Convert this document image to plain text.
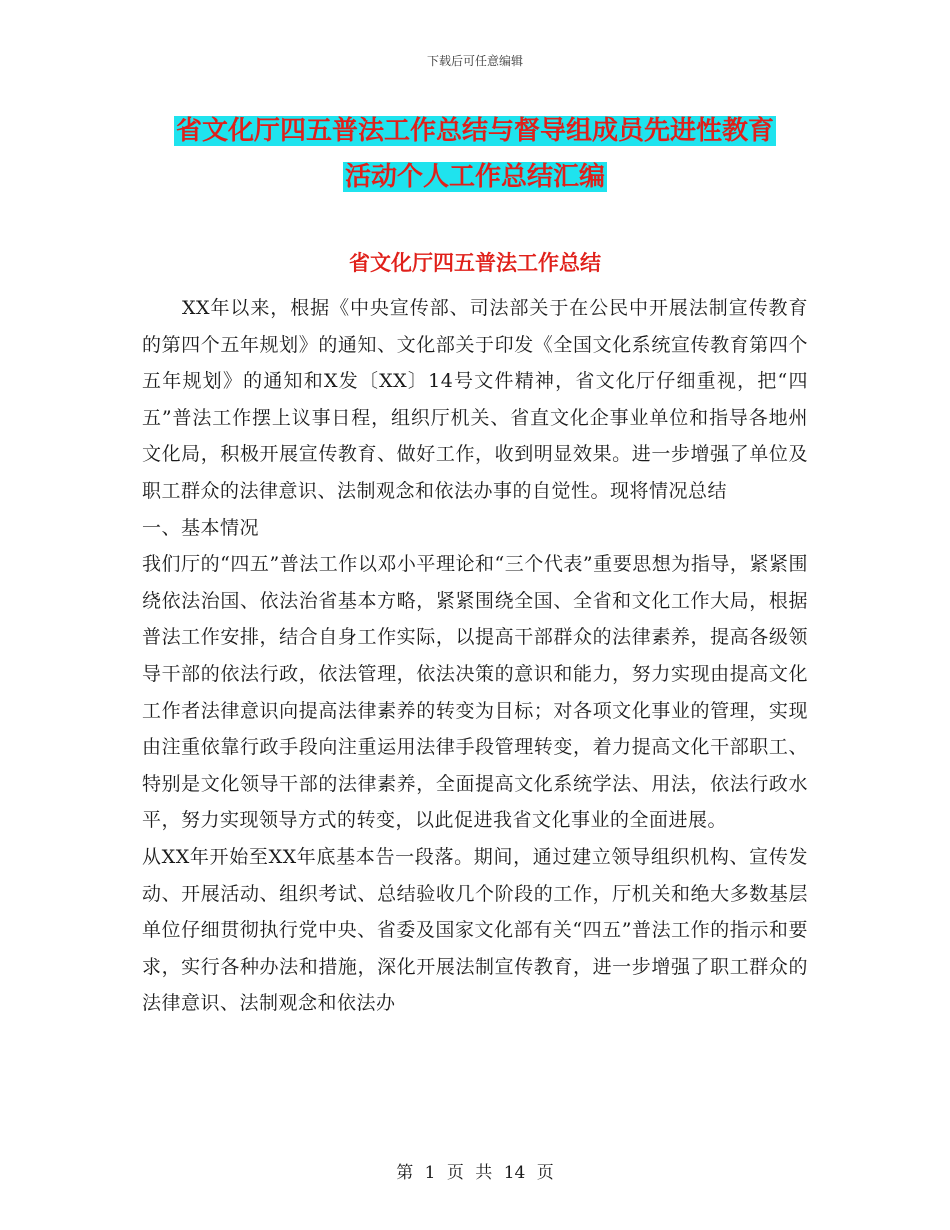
下载后可任意编辑
省文化厅四五普法工作总结与督导组成员先进性教育
活动个人工作总结汇编
省文化厅四五普法工作总结

XX年以来，根据《中央宣传部、司法部关于在公民中开展法制宣传教育的第四个五年规划》的通知、文化部关于印发《全国文化系统宣传教育第四个五年规划》的通知和X发〔XX〕14号文件精神，省文化厅仔细重视，把“四五”普法工作摆上议事日程，组织厅机关、省直文化企事业单位和指导各地州文化局，积极开展宣传教育、做好工作，收到明显效果。进一步增强了单位及职工群众的法律意识、法制观念和依法办事的自觉性。现将情况总结

一、基本情况

我们厅的“四五”普法工作以邓小平理论和“三个代表”重要思想为指导，紧紧围绕依法治国、依法治省基本方略，紧紧围绕全国、全省和文化工作大局，根据普法工作安排，结合自身工作实际，以提高干部群众的法律素养，提高各级领导干部的依法行政，依法管理，依法决策的意识和能力，努力实现由提高文化工作者法律意识向提高法律素养的转变为目标；对各项文化事业的管理，实现由注重依靠行政手段向注重运用法律手段管理转变，着力提高文化干部职工、特别是文化领导干部的法律素养，全面提高文化系统学法、用法，依法行政水平，努力实现领导方式的转变，以此促进我省文化事业的全面进展。

从XX年开始至XX年底基本告一段落。期间，通过建立领导组织机构、宣传发动、开展活动、组织考试、总结验收几个阶段的工作，厅机关和绝大多数基层单位仔细贯彻执行党中央、省委及国家文化部有关“四五”普法工作的指示和要求，实行各种办法和措施，深化开展法制宣传教育，进一步增强了职工群众的法律意识、法制观念和依法办

第 1 页 共 14 页
